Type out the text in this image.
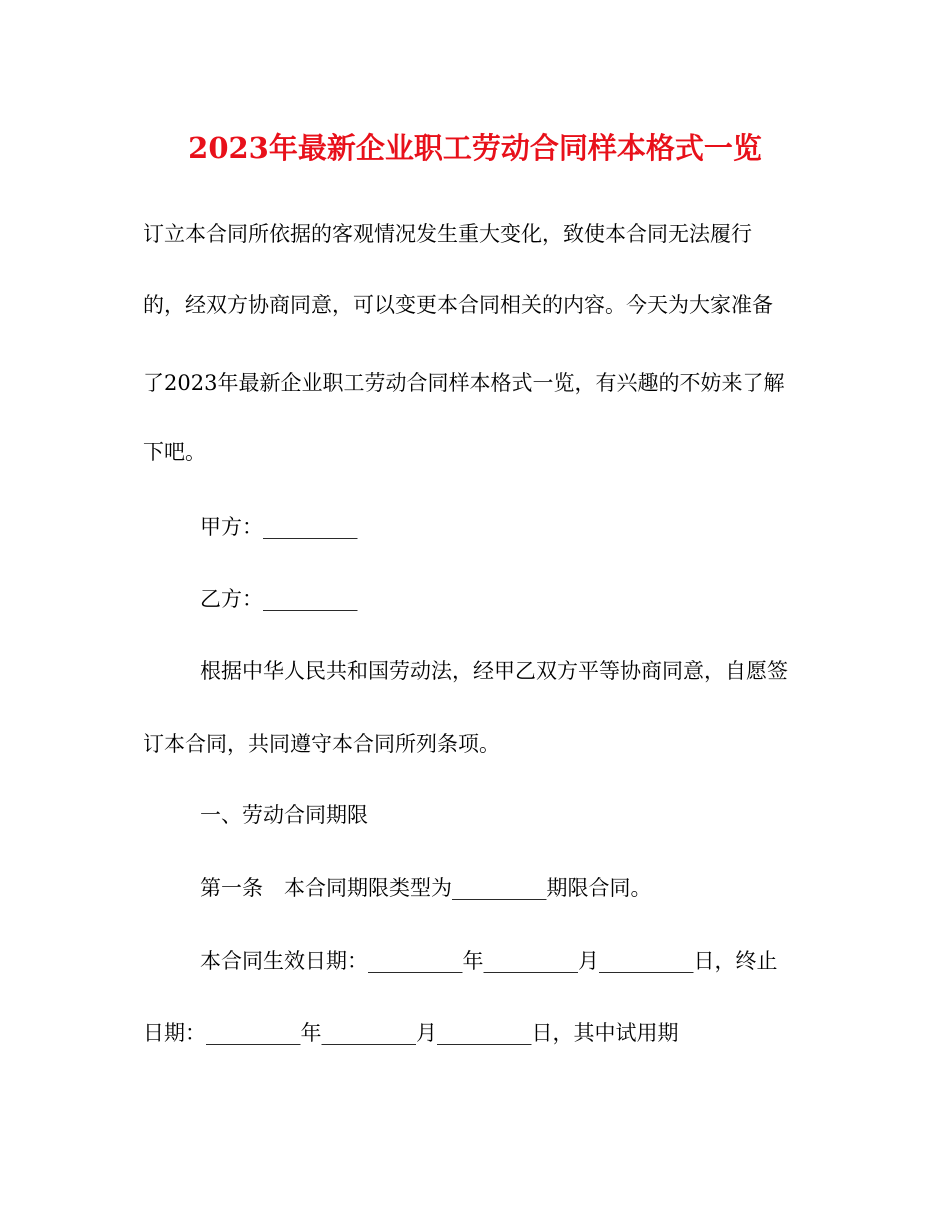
2023年最新企业职工劳动合同样本格式一览
订立本合同所依据的客观情况发生重大变化，致使本合同无法履行
的，经双方协商同意，可以变更本合同相关的内容。今天为大家准备
了2023年最新企业职工劳动合同样本格式一览，有兴趣的不妨来了解
下吧。
甲方：_________
乙方：_________
根据中华人民共和国劳动法，经甲乙双方平等协商同意，自愿签
订本合同，共同遵守本合同所列条项。
一、劳动合同期限
第一条　本合同期限类型为_________期限合同。
本合同生效日期：_________年_________月_________日，终止
日期：_________年_________月_________日，其中试用期
